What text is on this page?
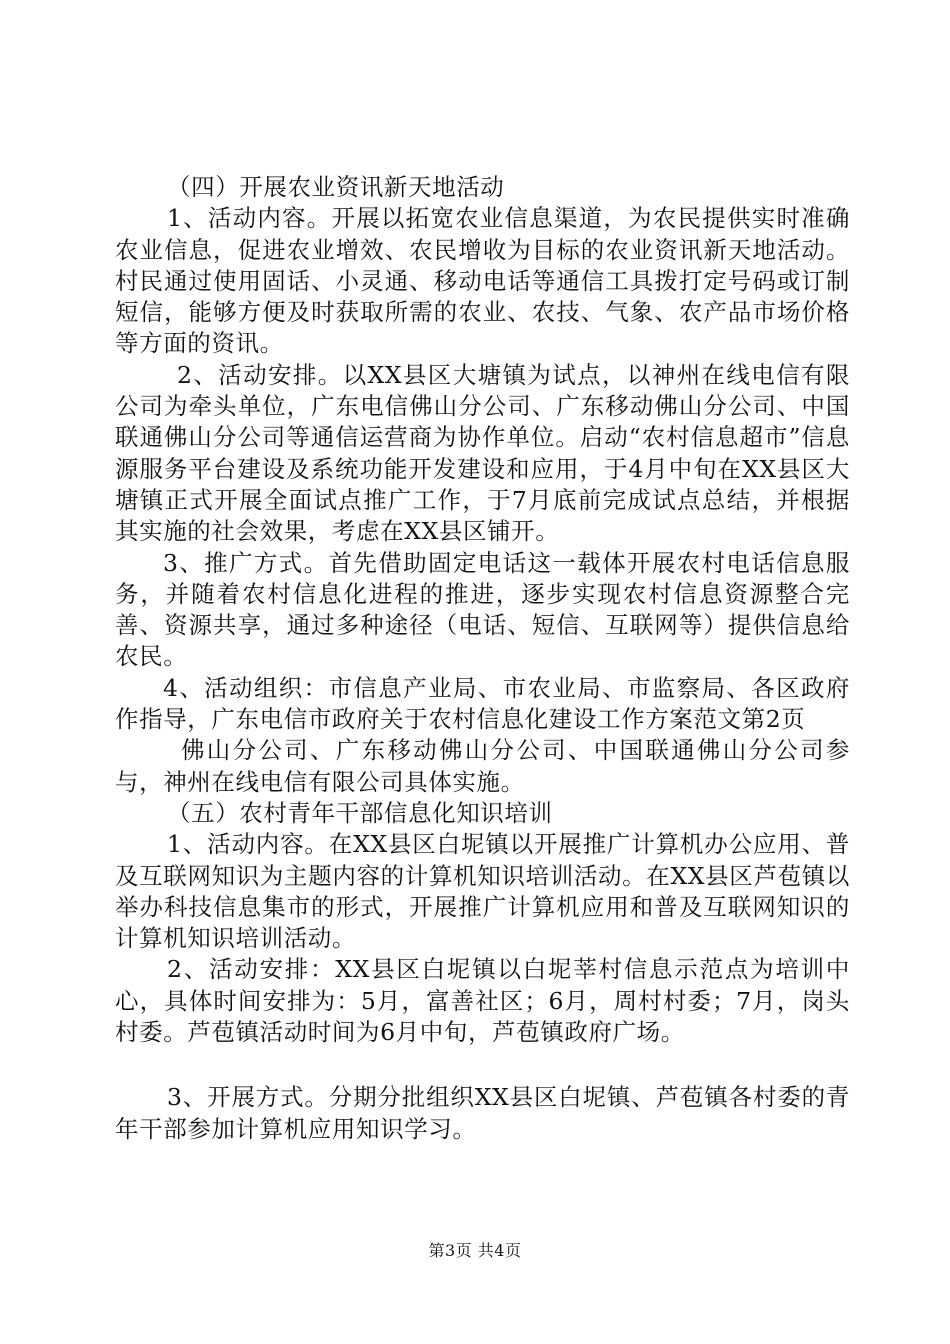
（四）开展农业资讯新天地活动

1、活动内容。开展以拓宽农业信息渠道，为农民提供实时准确农业信息，促进农业增效、农民增收为目标的农业资讯新天地活动。村民通过使用固话、小灵通、移动电话等通信工具拨打定号码或订制短信，能够方便及时获取所需的农业、农技、气象、农产品市场价格等方面的资讯。

2、活动安排。以XX县区大塘镇为试点，以神州在线电信有限公司为牵头单位，广东电信佛山分公司、广东移动佛山分公司、中国联通佛山分公司等通信运营商为协作单位。启动“农村信息超市”信息源服务平台建设及系统功能开发建设和应用，于4月中旬在XX县区大塘镇正式开展全面试点推广工作，于7月底前完成试点总结，并根据其实施的社会效果，考虑在XX县区铺开。

3、推广方式。首先借助固定电话这一载体开展农村电话信息服务，并随着农村信息化进程的推进，逐步实现农村信息资源整合完善、资源共享，通过多种途径（电话、短信、互联网等）提供信息给农民。

4、活动组织：市信息产业局、市农业局、市监察局、各区政府作指导，广东电信市政府关于农村信息化建设工作方案范文第2页

佛山分公司、广东移动佛山分公司、中国联通佛山分公司参与，神州在线电信有限公司具体实施。

（五）农村青年干部信息化知识培训

1、活动内容。在XX县区白坭镇以开展推广计算机办公应用、普及互联网知识为主题内容的计算机知识培训活动。在XX县区芦苞镇以举办科技信息集市的形式，开展推广计算机应用和普及互联网知识的计算机知识培训活动。

2、活动安排：XX县区白坭镇以白坭莘村信息示范点为培训中心，具体时间安排为：5月，富善社区；6月，周村村委；7月，岗头村委。芦苞镇活动时间为6月中旬，芦苞镇政府广场。

3、开展方式。分期分批组织XX县区白坭镇、芦苞镇各村委的青年干部参加计算机应用知识学习。

第3页 共4页
